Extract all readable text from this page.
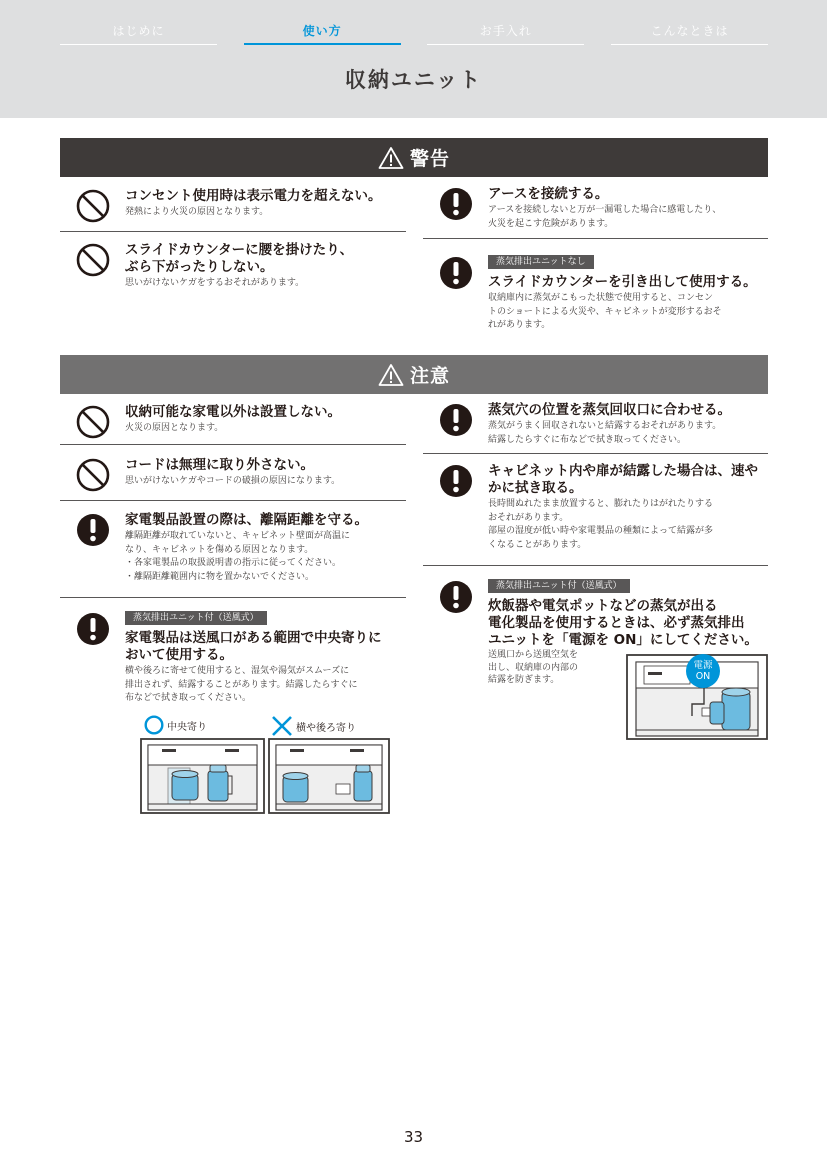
はじめに	使い方	お手入れ	こんなときは
収納ユニット
警告
コンセント使用時は表示電力を超えない。
発熱により火災の原因となります。
スライドカウンターに腰を掛けたり、
ぶら下がったりしない。
思いがけないケガをするおそれがあります。
アースを接続する。
アースを接続しないと万が一漏電した場合に感電したり、
火災を起こす危険があります。
蒸気排出ユニットなし
スライドカウンターを引き出して使用する。
収納庫内に蒸気がこもった状態で使用すると、コンセン
トのショートによる火災や、キャビネットが変形するおそ
れがあります。
注意
収納可能な家電以外は設置しない。
火災の原因となります。
コードは無理に取り外さない。
思いがけないケガやコードの破損の原因になります。
家電製品設置の際は、離隔距離を守る。
離隔距離が取れていないと、キャビネット壁面が高温に
なり、キャビネットを傷める原因となります。
・各家電製品の取扱説明書の指示に従ってください。
・離隔距離範囲内に物を置かないでください。
蒸気排出ユニット付（送風式）
家電製品は送風口がある範囲で中央寄りに
おいて使用する。
横や後ろに寄せて使用すると、湿気や湯気がスムーズに
排出されず、結露することがあります。結露したらすぐに
布などで拭き取ってください。
中央寄り	横や後ろ寄り
蒸気穴の位置を蒸気回収口に合わせる。
蒸気がうまく回収されないと結露するおそれがあります。
結露したらすぐに布などで拭き取ってください。
キャビネット内や扉が結露した場合は、速や
かに拭き取る。
長時間ぬれたまま放置すると、膨れたりはがれたりする
おそれがあります。
部屋の湿度が低い時や家電製品の種類によって結露が多
くなることがあります。
蒸気排出ユニット付（送風式）
炊飯器や電気ポットなどの蒸気が出る
電化製品を使用するときは、必ず蒸気排出
ユニットを「電源を ON」にしてください。
送風口から送風空気を
出し、収納庫の内部の
結露を防ぎます。
電源
ON
33
